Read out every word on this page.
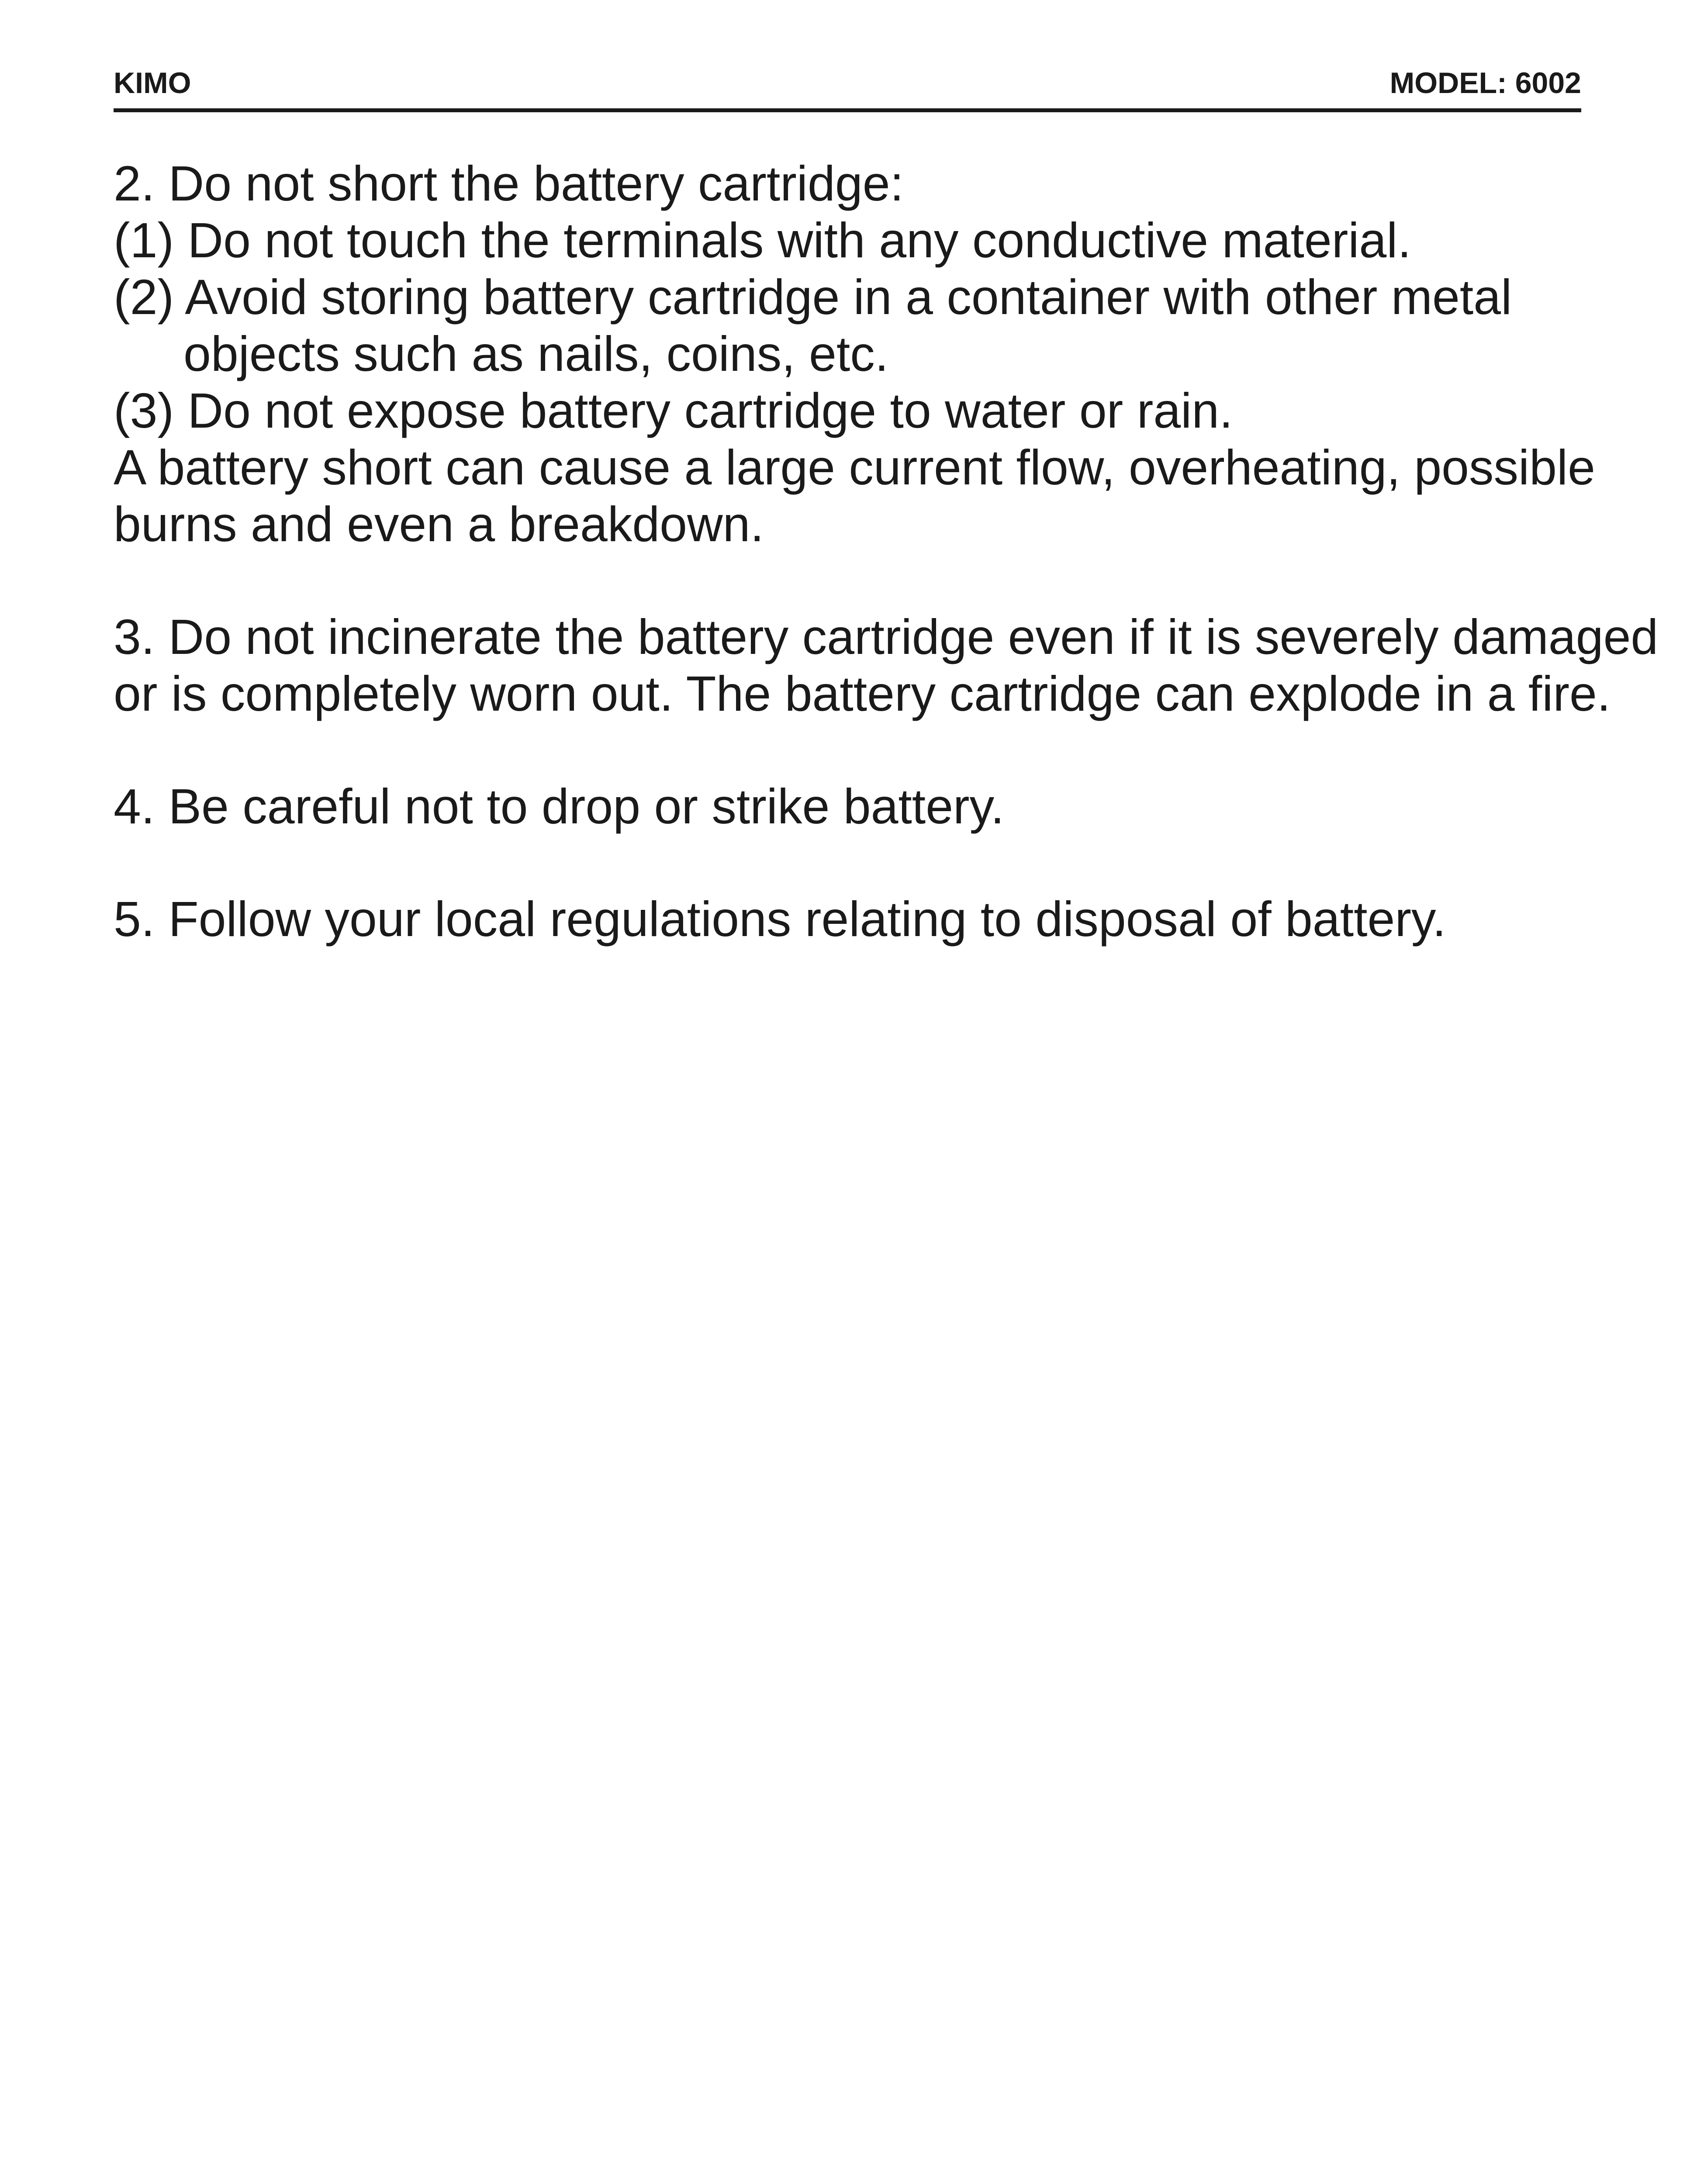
KIMO	MODEL: 6002
2. Do not short the battery cartridge:
(1) Do not touch the terminals with any conductive material.
(2) Avoid storing battery cartridge in a container with other metal
objects such as nails, coins, etc.
(3) Do not expose battery cartridge to water or rain.
A battery short can cause a large current flow, overheating, possible
burns and even a breakdown.
3. Do not incinerate the battery cartridge even if it is severely damaged
or is completely worn out. The battery cartridge can explode in a fire.
4. Be careful not to drop or strike battery.
5. Follow your local regulations relating to disposal of battery.
